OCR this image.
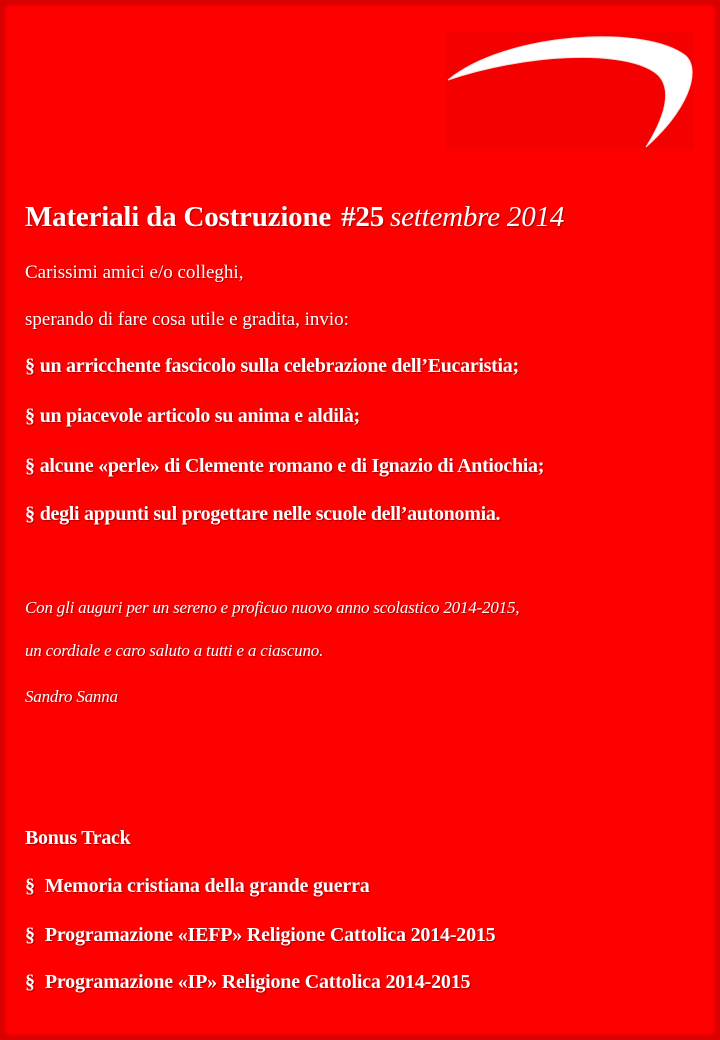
Materiali da Costruzione #25 settembre 2014

Carissimi amici e/o colleghi,

sperando di fare cosa utile e gradita, invio:

§ un arricchente fascicolo sulla celebrazione dell’Eucaristia;

§ un piacevole articolo su anima e aldilà;

§ alcune «perle» di Clemente romano e di Ignazio di Antiochia;

§ degli appunti sul progettare nelle scuole dell’autonomia.

Con gli auguri per un sereno e proficuo nuovo anno scolastico 2014-2015,

un cordiale e caro saluto a tutti e a ciascuno.

Sandro Sanna

Bonus Track

§ Memoria cristiana della grande guerra

§ Programazione «IEFP» Religione Cattolica 2014-2015

§ Programazione «IP» Religione Cattolica 2014-2015
